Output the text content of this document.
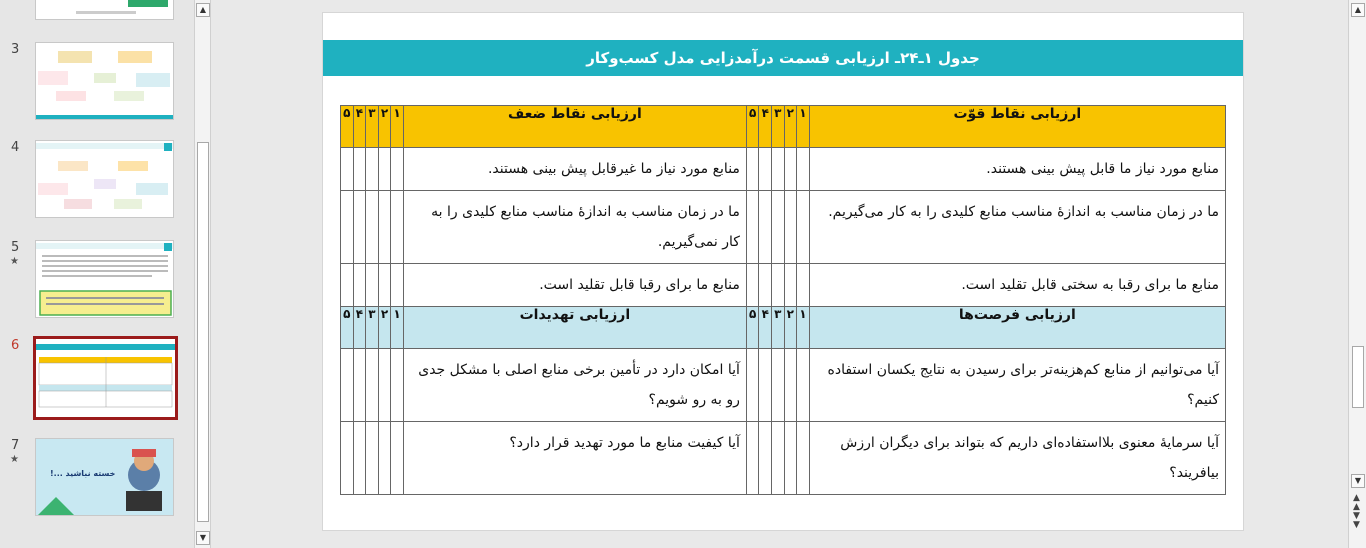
3
4
5
★
6
7
★
خسته نباشید ...!
▲
▼
جدول ۱ـ۲۴ـ ارزیابی قسمت درآمدزایی مدل کسب‌وکار
ارزیابی نقاط قوّت	۱	۲	۳	۴	۵	ارزیابی نقاط ضعف	۱	۲	۳	۴	۵
منابع مورد نیاز ما قابل پیش بینی هستند.						منابع مورد نیاز ما غیرقابل پیش بینی هستند.					
ما در زمان مناسب به اندازۀ مناسب منابع کلیدی را به کار می‌گیریم.						ما در زمان مناسب به اندازۀ مناسب منابع کلیدی را به کار نمی‌گیریم.					
منابع ما برای رقبا به سختی قابل تقلید است.						منابع ما برای رقبا قابل تقلید است.					
ارزیابی فرصت‌ها	۱	۲	۳	۴	۵	ارزیابی تهدیدات	۱	۲	۳	۴	۵
آیا می‌توانیم از منابع کم‌هزینه‌تر برای رسیدن به نتایج یکسان استفاده کنیم؟						آیا امکان دارد در تأمین برخی منابع اصلی با مشکل جدی رو به رو شویم؟					
آیا سرمایۀ معنوی بلااستفاده‌ای داریم که بتواند برای دیگران ارزش بیافریند؟						آیا کیفیت منابع ما مورد تهدید قرار دارد؟					
▲
▼
▲
▲
▼
▼
